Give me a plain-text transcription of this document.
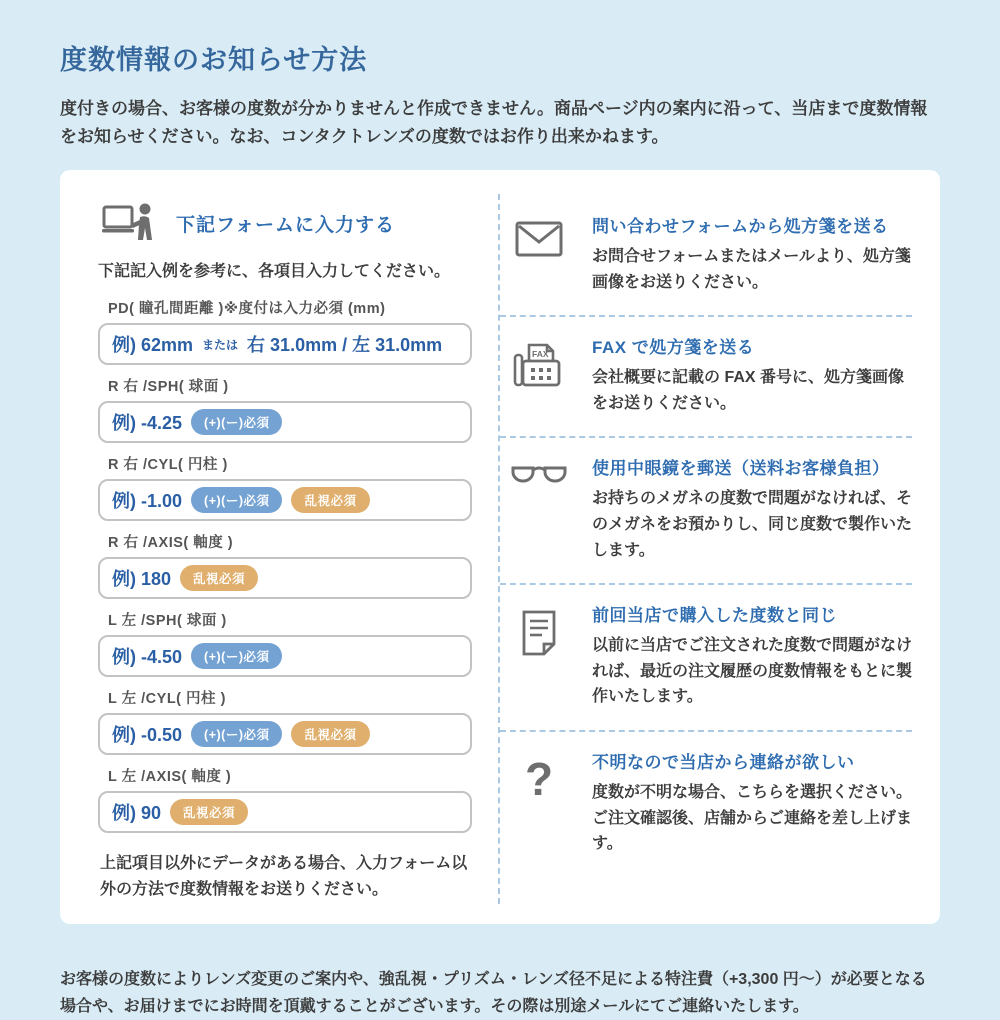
度数情報のお知らせ方法

度付きの場合、お客様の度数が分かりませんと作成できません。商品ページ内の案内に沿って、当店まで度数情報をお知らせください。なお、コンタクトレンズの度数ではお作り出来かねます。

下記フォームに入力する

下記記入例を参考に、各項目入力してください。

PD( 瞳孔間距離 )※度付は入力必須 (mm)
例) 62mm または 右 31.0mm / 左 31.0mm
R 右 /SPH( 球面 )
例) -4.25	(+)(ー)必須
R 右 /CYL( 円柱 )
例) -1.00	(+)(ー)必須	乱視必須
R 右 /AXIS( 軸度 )
例) 180	乱視必須
L 左 /SPH( 球面 )
例) -4.50	(+)(ー)必須
L 左 /CYL( 円柱 )
例) -0.50	(+)(ー)必須	乱視必須
L 左 /AXIS( 軸度 )
例) 90	乱視必須

上記項目以外にデータがある場合、入力フォーム以外の方法で度数情報をお送りください。

問い合わせフォームから処方箋を送る
お問合せフォームまたはメールより、処方箋画像をお送りください。
FAX	FAX で処方箋を送る
会社概要に記載の FAX 番号に、処方箋画像をお送りください。
使用中眼鏡を郵送（送料お客様負担）
お持ちのメガネの度数で問題がなければ、そのメガネをお預かりし、同じ度数で製作いたします。
前回当店で購入した度数と同じ
以前に当店でご注文された度数で問題がなければ、最近の注文履歴の度数情報をもとに製作いたします。
? 不明なので当店から連絡が欲しい
度数が不明な場合、こちらを選択ください。ご注文確認後、店舗からご連絡を差し上げます。

お客様の度数によりレンズ変更のご案内や、強乱視・プリズム・レンズ径不足による特注費（+3,300 円〜）が必要となる場合や、お届けまでにお時間を頂戴することがございます。その際は別途メールにてご連絡いたします。
